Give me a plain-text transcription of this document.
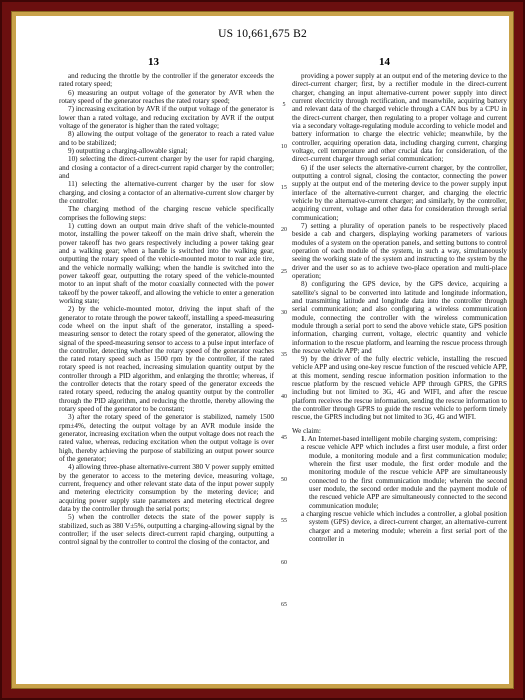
US 10,661,675 B2
13	14

and reducing the throttle by the controller if the generator exceeds the rated rotary speed;

6) measuring an output voltage of the generator by AVR when the rotary speed of the generator reaches the rated rotary speed;

7) increasing excitation by AVR if the output voltage of the generator is lower than a rated voltage, and reducing excitation by AVR if the output voltage of the generator is higher than the rated voltage;

8) allowing the output voltage of the generator to reach a rated value and to be stabilized;

9) outputting a charging-allowable signal;

10) selecting the direct-current charger by the user for rapid charging, and closing a contactor of a direct-current rapid charger by the controller; and

11) selecting the alternative-current charger by the user for slow charging, and closing a contactor of an alternative-current slow charger by the controller.

The charging method of the charging rescue vehicle specifically comprises the following steps:

1) cutting down an output main drive shaft of the vehicle-mounted motor, installing the power takeoff on the main drive shaft, wherein the power takeoff has two gears respectively including a power taking gear and a walking gear; when a handle is switched into the walking gear, outputting the rotary speed of the vehicle-mounted motor to rear axle tire, and the vehicle normally walking; when the handle is switched into the power takeoff gear, outputting the rotary speed of the vehicle-mounted motor to an input shaft of the motor coaxially connected with the power takeoff by the power takeoff, and allowing the vehicle to enter a generation working state;

2) by the vehicle-mounted motor, driving the input shaft of the generator to rotate through the power takeoff, installing a speed-measuring code wheel on the input shaft of the generator, installing a speed-measuring sensor to detect the rotary speed of the generator, allowing the signal of the speed-measuring sensor to access to a pulse input interface of the controller, detecting whether the rotary speed of the generator reaches the rated rotary speed such as 1500 rpm by the controller, if the rated rotary speed is not reached, increasing simulation quantity output by the controller through a PID algorithm, and enlarging the throttle; whereas, if the controller detects that the rotary speed of the generator exceeds the rated rotary speed, reducing the analog quantity output by the controller through the PID algorithm, and reducing the throttle, thereby allowing the rotary speed of the generator to be constant;

3) after the rotary speed of the generator is stabilized, namely 1500 rpm±4%, detecting the output voltage by an AVR module inside the generator, increasing excitation when the output voltage does not reach the rated value, whereas, reducing excitation when the output voltage is over high, thereby achieving the purpose of stabilizing an output power source of the generator;

4) allowing three-phase alternative-current 380 V power supply emitted by the generator to access to the metering device, measuring voltage, current, frequency and other relevant state data of the input power supply and metering electricity consumption by the metering device; and acquiring power supply state parameters and metering electrical degree data by the controller through the serial ports;

5) when the controller detects the state of the power supply is stabilized, such as 380 V±5%, outputting a charging-allowing signal by the controller; if the user selects direct-current rapid charging, outputting a control signal by the controller to control the closing of the contactor, and

providing a power supply at an output end of the metering device to the direct-current charger; first, by a rectifier module in the direct-current charger, changing an input alternative-current power supply into direct current electricity through rectification, and meanwhile, acquiring battery and relevant data of the charged vehicle through a CAN bus by a CPU in the direct-current charger, then regulating to a proper voltage and current via a secondary voltage-regulating module according to vehicle model and battery information to charge the electric vehicle; meanwhile, by the controller, acquiring operation data, including charging current, charging voltage, cell temperature and other crucial data for consideration, of the direct-current charger through serial communication;

6) if the user selects the alternative-current charger, by the controller, outputting a control signal, closing the contactor, connecting the power supply at the output end of the metering device to the power supply input interface of the alternative-current charger, and charging the electric vehicle by the alternative-current charger; and similarly, by the controller, acquiring current, voltage and other data for consideration through serial communication;

7) setting a plurality of operation panels to be respectively placed beside a cab and chargers, displaying working parameters of various modules of a system on the operation panels, and setting buttons to control operation of each module of the system, in such a way, simultaneously seeing the working state of the system and instructing to the system by the driver and the user so as to achieve two-place operation and multi-place operation;

8) configuring the GPS device, by the GPS device, acquiring a satellite's signal to be converted into latitude and longitude information, and transmitting latitude and longitude data into the controller through serial communication; and also configuring a wireless communication module, connecting the controller with the wireless communication module through a serial port to send the above vehicle state, GPS position information, charging current, voltage, electric quantity and vehicle information to the rescue platform, and learning the rescue process through the rescue vehicle APP; and

9) by the driver of the fully electric vehicle, installing the rescued vehicle APP and using one-key rescue function of the rescued vehicle APP, at this moment, sending rescue information position information to the rescue platform by the rescued vehicle APP through GPRS, the GPRS including but not limited to 3G, 4G and WIFI, and after the rescue platform receives the rescue information, sending the rescue information to the controller through GPRS to guide the rescue vehicle to perform timely rescue, the GPRS including but not limited to 3G, 4G and WIFI.

We claim:

1. An Internet-based intelligent mobile charging system, comprising:

a rescue vehicle APP which includes a first user module, a first order module, a monitoring module and a first communication module; wherein the first user module, the first order module and the monitoring module of the rescue vehicle APP are simultaneously connected to the first communication module; wherein the second user module, the second order module and the payment module of the rescued vehicle APP are simultaneously connected to the second communication module;

a charging rescue vehicle which includes a controller, a global position system (GPS) device, a direct-current charger, an alternative-current charger and a metering module; wherein a first serial port of the controller in

5
10
15
20
25
30
35
40
45
50
55
60
65
